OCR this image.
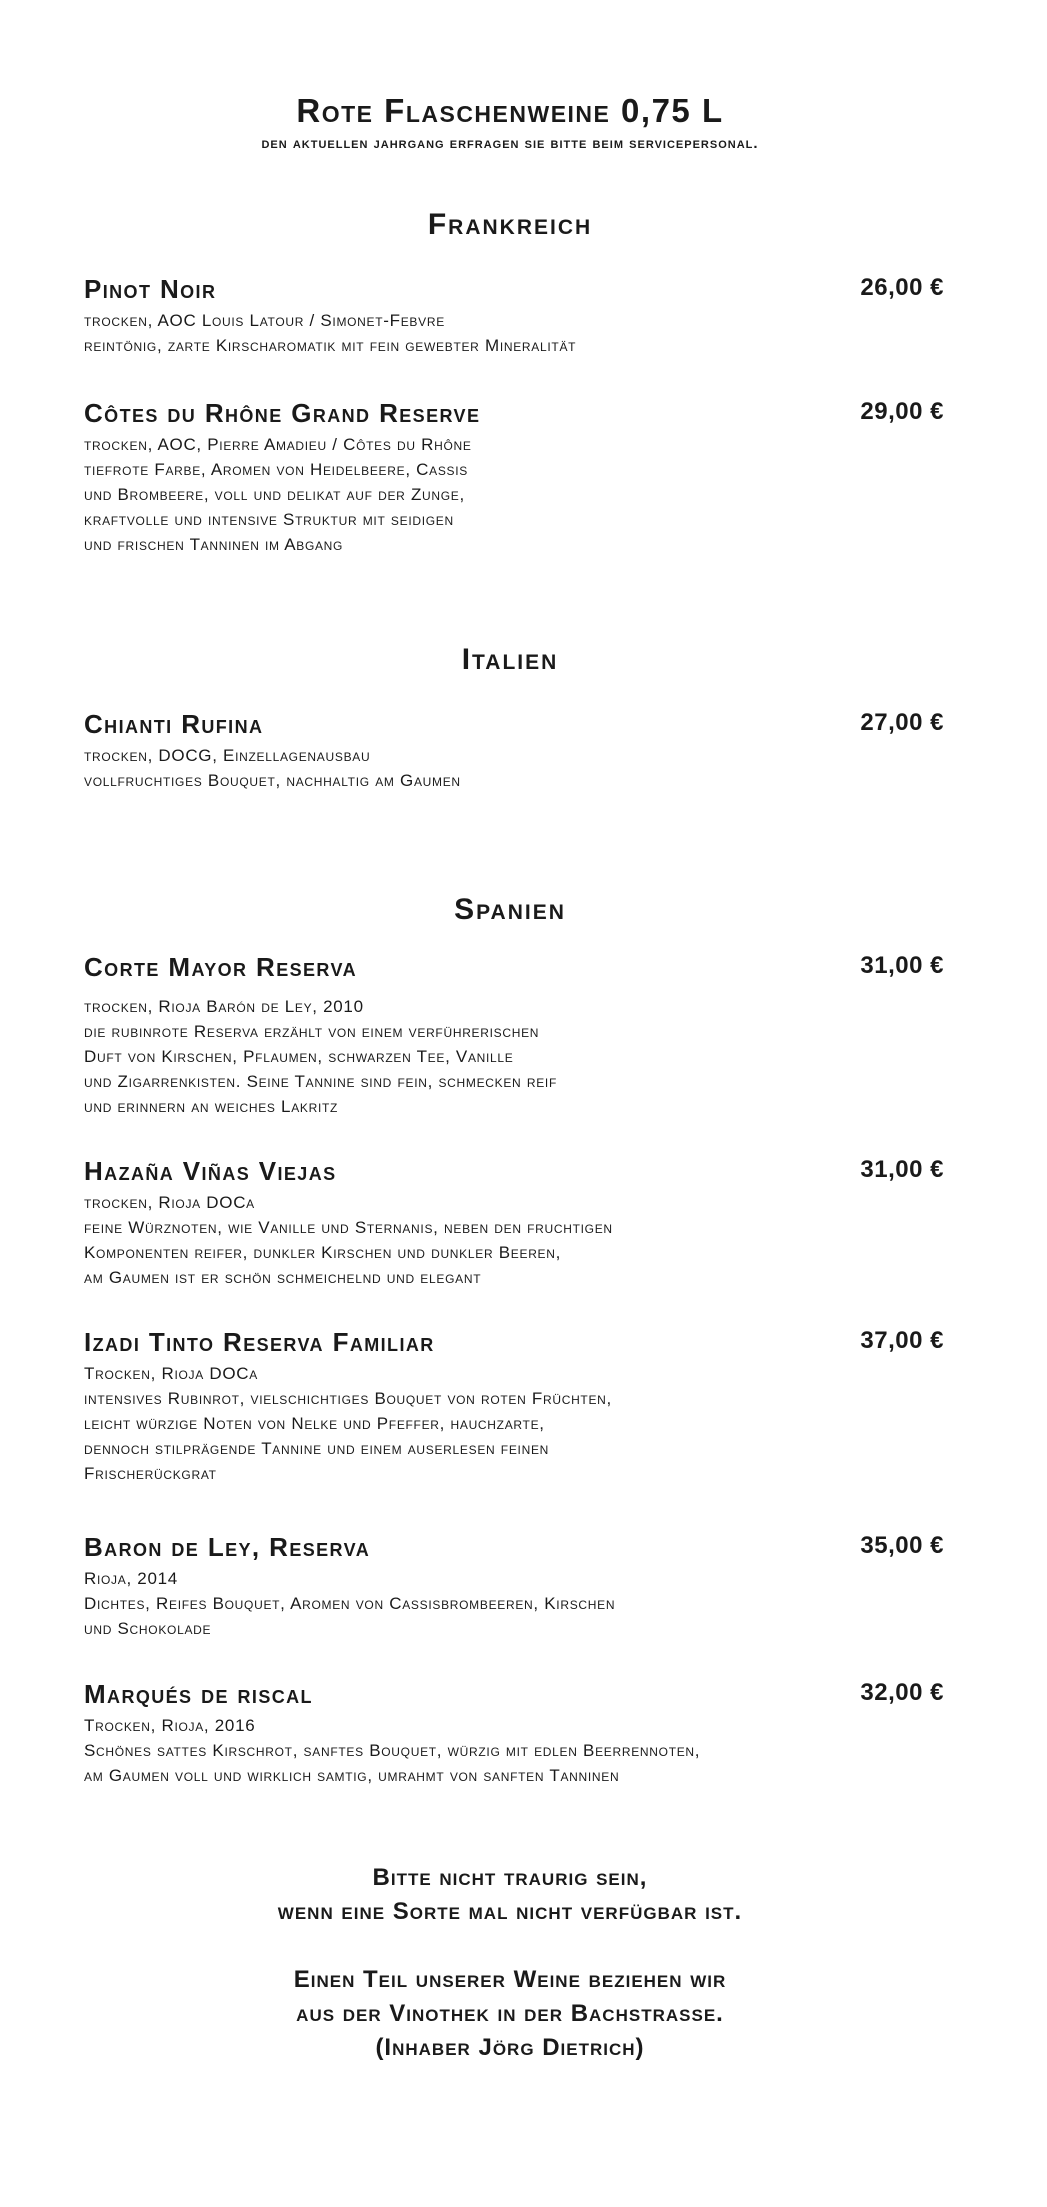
Rote Flaschenweine 0,75 L

den aktuellen jahrgang erfragen sie bitte beim servicepersonal.

Frankreich
Pinot Noir	26,00 €
trocken, AOC Louis Latour / Simonet-Febvre
reintönig, zarte Kirscharomatik mit fein gewebter Mineralität
Côtes du Rhône Grand Reserve	29,00 €
trocken, AOC, Pierre Amadieu / Côtes du Rhône
tiefrote Farbe, Aromen von Heidelbeere, Cassis
und Brombeere, voll und delikat auf der Zunge,
kraftvolle und intensive Struktur mit seidigen
und frischen Tanninen im Abgang
Italien
Chianti Rufina	27,00 €
trocken, DOCG, Einzellagenausbau
vollfruchtiges Bouquet, nachhaltig am Gaumen
Spanien
Corte Mayor Reserva	31,00 €
trocken, Rioja Barón de Ley, 2010
die rubinrote Reserva erzählt von einem verführerischen
Duft von Kirschen, Pflaumen, schwarzen Tee, Vanille
und Zigarrenkisten. Seine Tannine sind fein, schmecken reif
und erinnern an weiches Lakritz
Hazaña Viñas Viejas	31,00 €
trocken, Rioja DOCa
feine Würznoten, wie Vanille und Sternanis, neben den fruchtigen
Komponenten reifer, dunkler Kirschen und dunkler Beeren,
am Gaumen ist er schön schmeichelnd und elegant
Izadi Tinto Reserva Familiar	37,00 €
Trocken, Rioja DOCa
intensives Rubinrot, vielschichtiges Bouquet von roten Früchten,
leicht würzige Noten von Nelke und Pfeffer, hauchzarte,
dennoch stilprägende Tannine und einem auserlesen feinen
Frischerückgrat
Baron de Ley, Reserva	35,00 €
Rioja, 2014
Dichtes, Reifes Bouquet, Aromen von Cassisbrombeeren, Kirschen
und Schokolade
Marqués de riscal	32,00 €
Trocken, Rioja, 2016
Schönes sattes Kirschrot, sanftes Bouquet, würzig mit edlen Beerrennoten,
am Gaumen voll und wirklich samtig, umrahmt von sanften Tanninen

Bitte nicht traurig sein,

wenn eine Sorte mal nicht verfügbar ist.

Einen Teil unserer Weine beziehen wir

aus der Vinothek in der Bachstrasse.

(Inhaber Jörg Dietrich)
